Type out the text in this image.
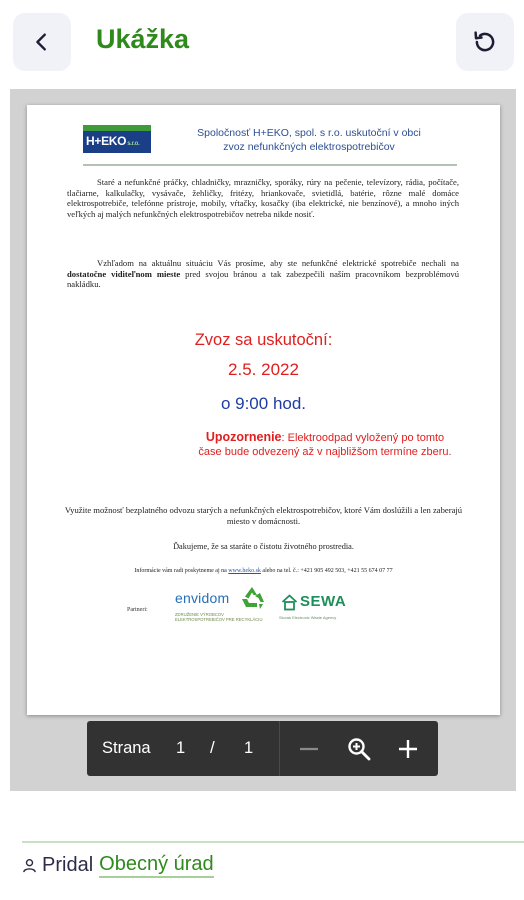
Ukážka
H+EKOs.r.o.
Spoločnosť H+EKO, spol. s r.o. uskutoční v obci
zvoz nefunkčných elektrospotrebičov

Staré a nefunkčné práčky, chladničky, mrazničky, sporáky, rúry na pečenie, televízory, rádia, počítače, tlačiarne, kalkulačky, vysávače, žehličky, fritézy, hriankovače, svietidlá, batérie, rôzne malé domáce elektrospotrebiče, telefónne prístroje, mobily, vŕtačky, kosačky (iba elektrické, nie benzínové), a mnoho iných veľkých aj malých nefunkčných elektrospotrebičov netreba nikde nosiť.

Vzhľadom na aktuálnu situáciu Vás prosíme, aby ste nefunkčné elektrické spotrebiče nechali na dostatočne viditeľnom mieste pred svojou bránou a tak zabezpečili naším pracovníkom bezproblémovú nakládku.

Zvoz sa uskutoční:
2.5. 2022
o 9:00 hod.
Upozornenie: Elektroodpad vyložený po tomto čase bude odvezený až v najbližšom termíne zberu.

Využite možnosť bezplatného odvozu starých a nefunkčných elektrospotrebičov, ktoré Vám doslúžili a len zaberajú miesto v domácnosti.

Ďakujeme, že sa staráte o čistotu životného prostredia.

Informácie vám radi poskytneme aj na www.heko.sk alebo na tel. č.: +421 905 492 503, +421 55 674 07 77

Partneri:
envidom
ZDRUŽENIE VÝROBCOV ELEKTROSPOTREBIČOV PRE RECYKLÁCIU
SEWA
Slovak Electronic Waste Agency
Strana 1 / 1
Pridal Obecný úrad
